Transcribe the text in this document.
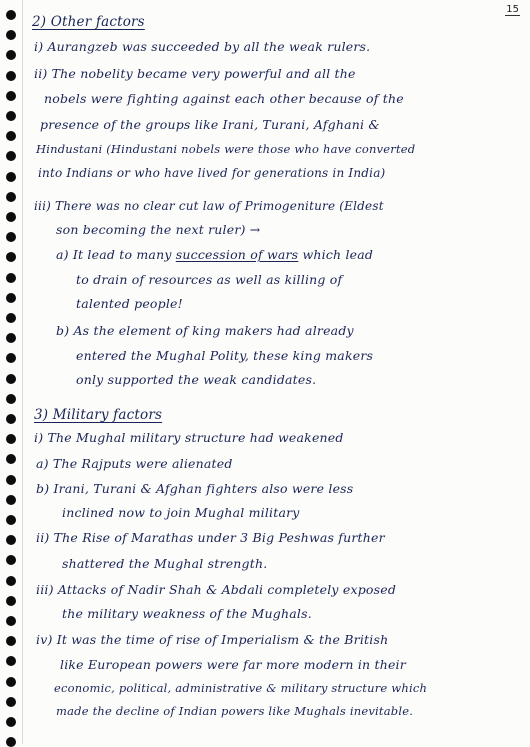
15
2) Other factors
i) Aurangzeb was succeeded by all the weak rulers.
ii) The nobelity became very powerful and all the
nobels were fighting against each other because of the
presence of the groups like Irani, Turani, Afghani &
Hindustani (Hindustani nobels were those who have converted
into Indians or who have lived for generations in India)
iii) There was no clear cut law of Primogeniture (Eldest
son becoming the next ruler) →
a) It lead to many succession of wars which lead
to drain of resources as well as killing of
talented people!
b) As the element of king makers had already
entered the Mughal Polity, these king makers
only supported the weak candidates.
3) Military factors
i) The Mughal military structure had weakened
a) The Rajputs were alienated
b) Irani, Turani & Afghan fighters also were less
inclined now to join Mughal military
ii) The Rise of Marathas under 3 Big Peshwas further
shattered the Mughal strength.
iii) Attacks of Nadir Shah & Abdali completely exposed
the military weakness of the Mughals.
iv) It was the time of rise of Imperialism & the British
like European powers were far more modern in their
economic, political, administrative & military structure which
made the decline of Indian powers like Mughals inevitable.
